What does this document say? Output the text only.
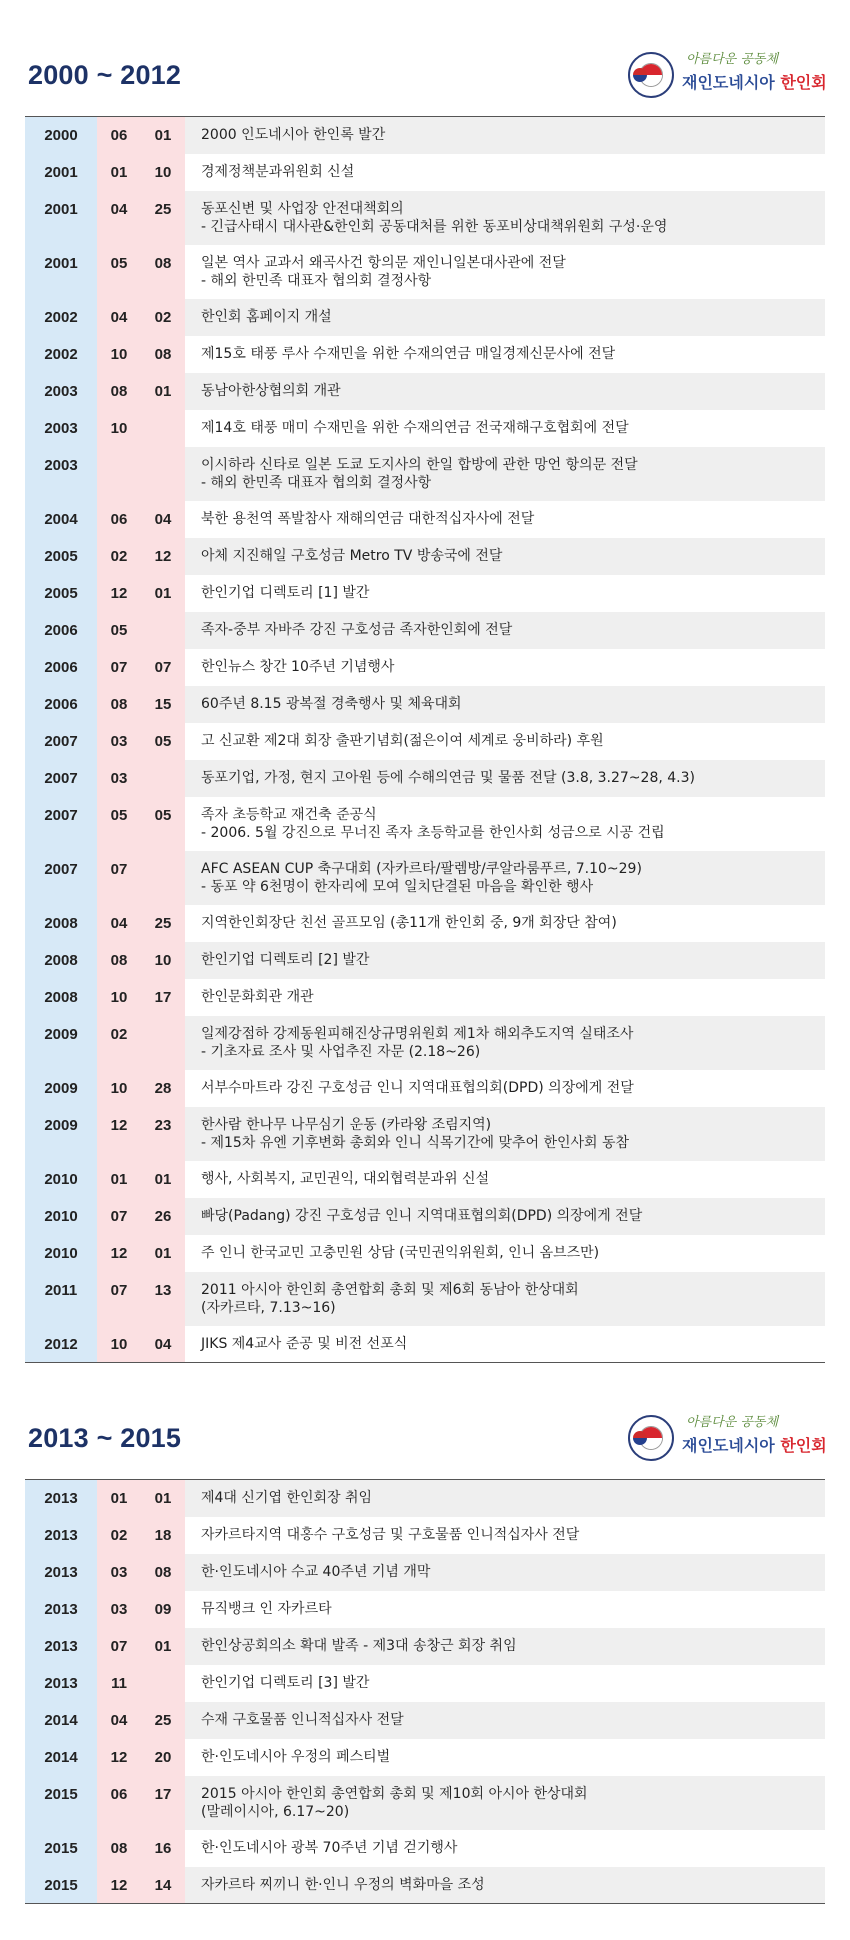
2000 ~ 2012
아름다운 공동체
재인도네시아 한인회
2000	06	01		2000 인도네시아 한인록 발간

2001	01	10		경제정책분과위원회 신설

2001	04	25		동포신변 및 사업장 안전대책회의
- 긴급사태시 대사관&한인회 공동대처를 위한 동포비상대책위원회 구성·운영

2001	05	08		일본 역사 교과서 왜곡사건 항의문 재인니일본대사관에 전달
- 해외 한민족 대표자 협의회 결정사항

2002	04	02		한인회 홈페이지 개설

2002	10	08		제15호 태풍 루사 수재민을 위한 수재의연금 매일경제신문사에 전달

2003	08	01		동남아한상협의회 개관

2003	10			제14호 태풍 매미 수재민을 위한 수재의연금 전국재해구호협회에 전달

2003				이시하라 신타로 일본 도쿄 도지사의 한일 합방에 관한 망언 항의문 전달
- 해외 한민족 대표자 협의회 결정사항

2004	06	04		북한 용천역 폭발참사 재해의연금 대한적십자사에 전달

2005	02	12		아체 지진해일 구호성금 Metro TV 방송국에 전달

2005	12	01		한인기업 디렉토리 [1] 발간

2006	05			족자-중부 자바주 강진 구호성금 족자한인회에 전달

2006	07	07		한인뉴스 창간 10주년 기념행사

2006	08	15		60주년 8.15 광복절 경축행사 및 체육대회

2007	03	05		고 신교환 제2대 회장 출판기념회(젊은이여 세계로 웅비하라) 후원

2007	03			동포기업, 가정, 현지 고아원 등에 수해의연금 및 물품 전달 (3.8, 3.27~28, 4.3)

2007	05	05		족자 초등학교 재건축 준공식
- 2006. 5월 강진으로 무너진 족자 초등학교를 한인사회 성금으로 시공 건립

2007	07			AFC ASEAN CUP 축구대회 (자카르타/팔렘방/쿠알라룸푸르, 7.10~29)
- 동포 약 6천명이 한자리에 모여 일치단결된 마음을 확인한 행사

2008	04	25		지역한인회장단 친선 골프모임 (총11개 한인회 중, 9개 회장단 참여)

2008	08	10		한인기업 디렉토리 [2] 발간

2008	10	17		한인문화회관 개관

2009	02			일제강점하 강제동원피해진상규명위원회 제1차 해외추도지역 실태조사
- 기초자료 조사 및 사업추진 자문 (2.18~26)

2009	10	28		서부수마트라 강진 구호성금 인니 지역대표협의회(DPD) 의장에게 전달

2009	12	23		한사람 한나무 나무심기 운동 (카라왕 조림지역)
- 제15차 유엔 기후변화 총회와 인니 식목기간에 맞추어 한인사회 동참

2010	01	01		행사, 사회복지, 교민권익, 대외협력분과위 신설

2010	07	26		빠당(Padang) 강진 구호성금 인니 지역대표협의회(DPD) 의장에게 전달

2010	12	01		주 인니 한국교민 고충민원 상담 (국민권익위원회, 인니 옴브즈만)

2011	07	13		2011 아시아 한인회 총연합회 총회 및 제6회 동남아 한상대회
(자카르타, 7.13~16)

2012	10	04		JIKS 제4교사 준공 및 비전 선포식
2013 ~ 2015
아름다운 공동체
재인도네시아 한인회
2013	01	01		제4대 신기엽 한인회장 취임

2013	02	18		자카르타지역 대홍수 구호성금 및 구호물품 인니적십자사 전달

2013	03	08		한·인도네시아 수교 40주년 기념 개막

2013	03	09		뮤직뱅크 인 자카르타

2013	07	01		한인상공회의소 확대 발족 - 제3대 송창근 회장 취임

2013	11			한인기업 디렉토리 [3] 발간

2014	04	25		수재 구호물품 인니적십자사 전달

2014	12	20		한·인도네시아 우정의 페스티벌

2015	06	17		2015 아시아 한인회 총연합회 총회 및 제10회 아시아 한상대회
(말레이시아, 6.17~20)

2015	08	16		한·인도네시아 광복 70주년 기념 걷기행사

2015	12	14		자카르타 찌끼니 한·인니 우정의 벽화마을 조성
